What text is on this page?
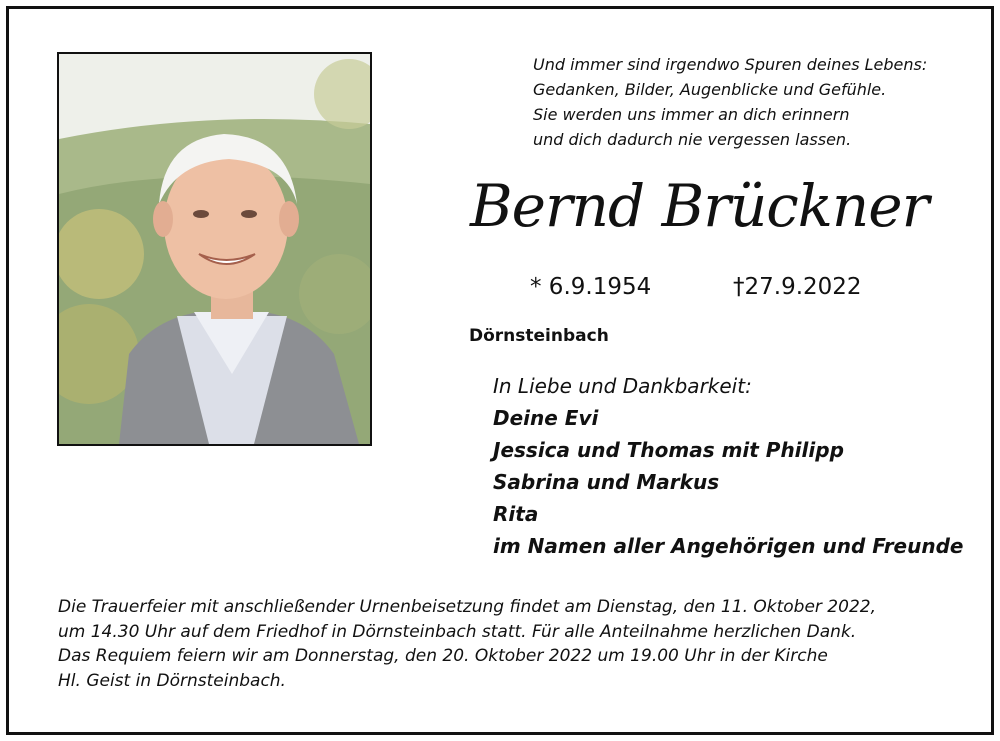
Und immer sind irgendwo Spuren deines Lebens:
Gedanken, Bilder, Augenblicke und Gefühle.
Sie werden uns immer an dich erinnern
und dich dadurch nie vergessen lassen.
Bernd Brückner
* 6.9.1954	†27.9.2022
Dörnsteinbach
In Liebe und Dankbarkeit:
Deine Evi
Jessica und Thomas mit Philipp
Sabrina und Markus
Rita
im Namen aller Angehörigen und Freunde
Die Trauerfeier mit anschließender Urnenbeisetzung findet am Dienstag, den 11. Oktober 2022,
um 14.30 Uhr auf dem Friedhof in Dörnsteinbach statt. Für alle Anteilnahme herzlichen Dank.
Das Requiem feiern wir am Donnerstag, den 20. Oktober 2022 um 19.00 Uhr in der Kirche
Hl. Geist in Dörnsteinbach.
